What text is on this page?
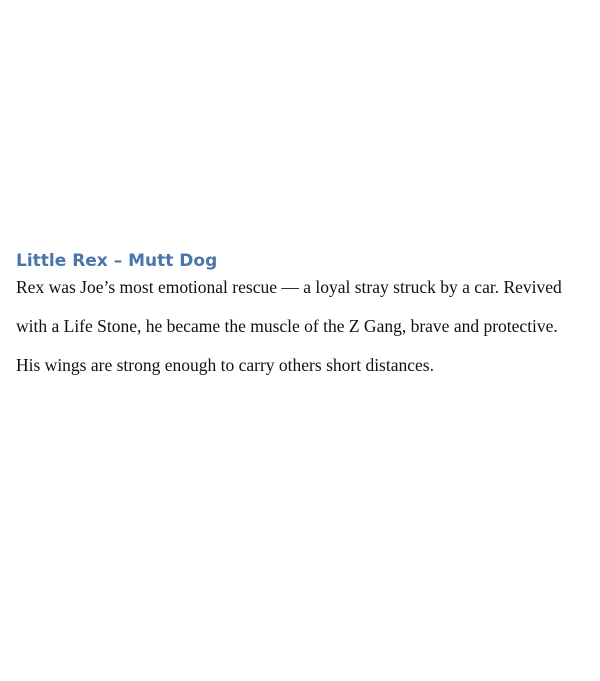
Little Rex – Mutt Dog

Rex was Joe’s most emotional rescue — a loyal stray struck by a car. Revived
with a Life Stone, he became the muscle of the Z Gang, brave and protective.
His wings are strong enough to carry others short distances.
